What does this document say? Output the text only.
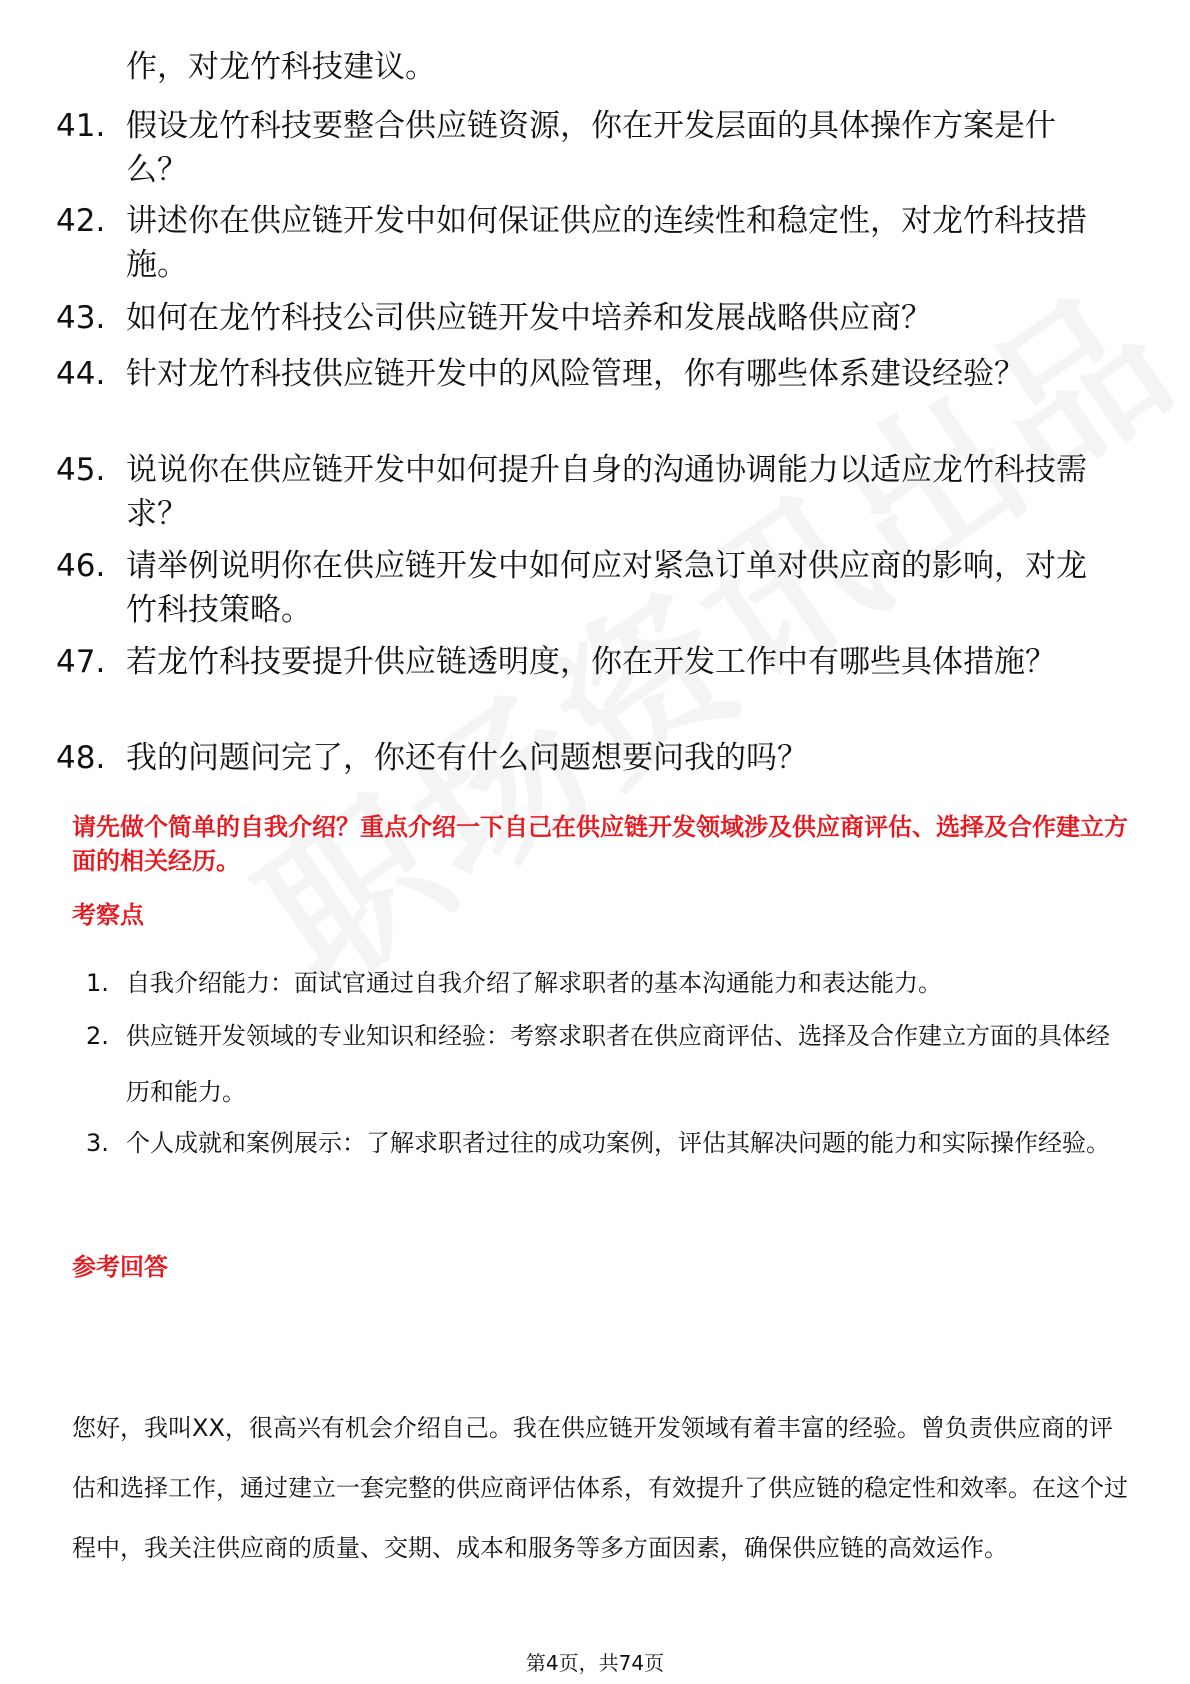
作，对龙竹科技建议。
41. 假设龙竹科技要整合供应链资源，你在开发层面的具体操作方案是什么？
42. 讲述你在供应链开发中如何保证供应的连续性和稳定性，对龙竹科技措施。
43. 如何在龙竹科技公司供应链开发中培养和发展战略供应商？
44. 针对龙竹科技供应链开发中的风险管理，你有哪些体系建设经验？
45. 说说你在供应链开发中如何提升自身的沟通协调能力以适应龙竹科技需求？
46. 请举例说明你在供应链开发中如何应对紧急订单对供应商的影响，对龙竹科技策略。
47. 若龙竹科技要提升供应链透明度，你在开发工作中有哪些具体措施？
48. 我的问题问完了，你还有什么问题想要问我的吗？
请先做个简单的自我介绍？重点介绍一下自己在供应链开发领域涉及供应商评估、选择及合作建立方面的相关经历。
考察点
1. 自我介绍能力：面试官通过自我介绍了解求职者的基本沟通能力和表达能力。
2. 供应链开发领域的专业知识和经验：考察求职者在供应商评估、选择及合作建立方面的具体经历和能力。
3. 个人成就和案例展示：了解求职者过往的成功案例，评估其解决问题的能力和实际操作经验。
参考回答
您好，我叫XX，很高兴有机会介绍自己。我在供应链开发领域有着丰富的经验。曾负责供应商的评估和选择工作，通过建立一套完整的供应商评估体系，有效提升了供应链的稳定性和效率。在这个过程中，我关注供应商的质量、交期、成本和服务等多方面因素，确保供应链的高效运作。
第4页，共74页
